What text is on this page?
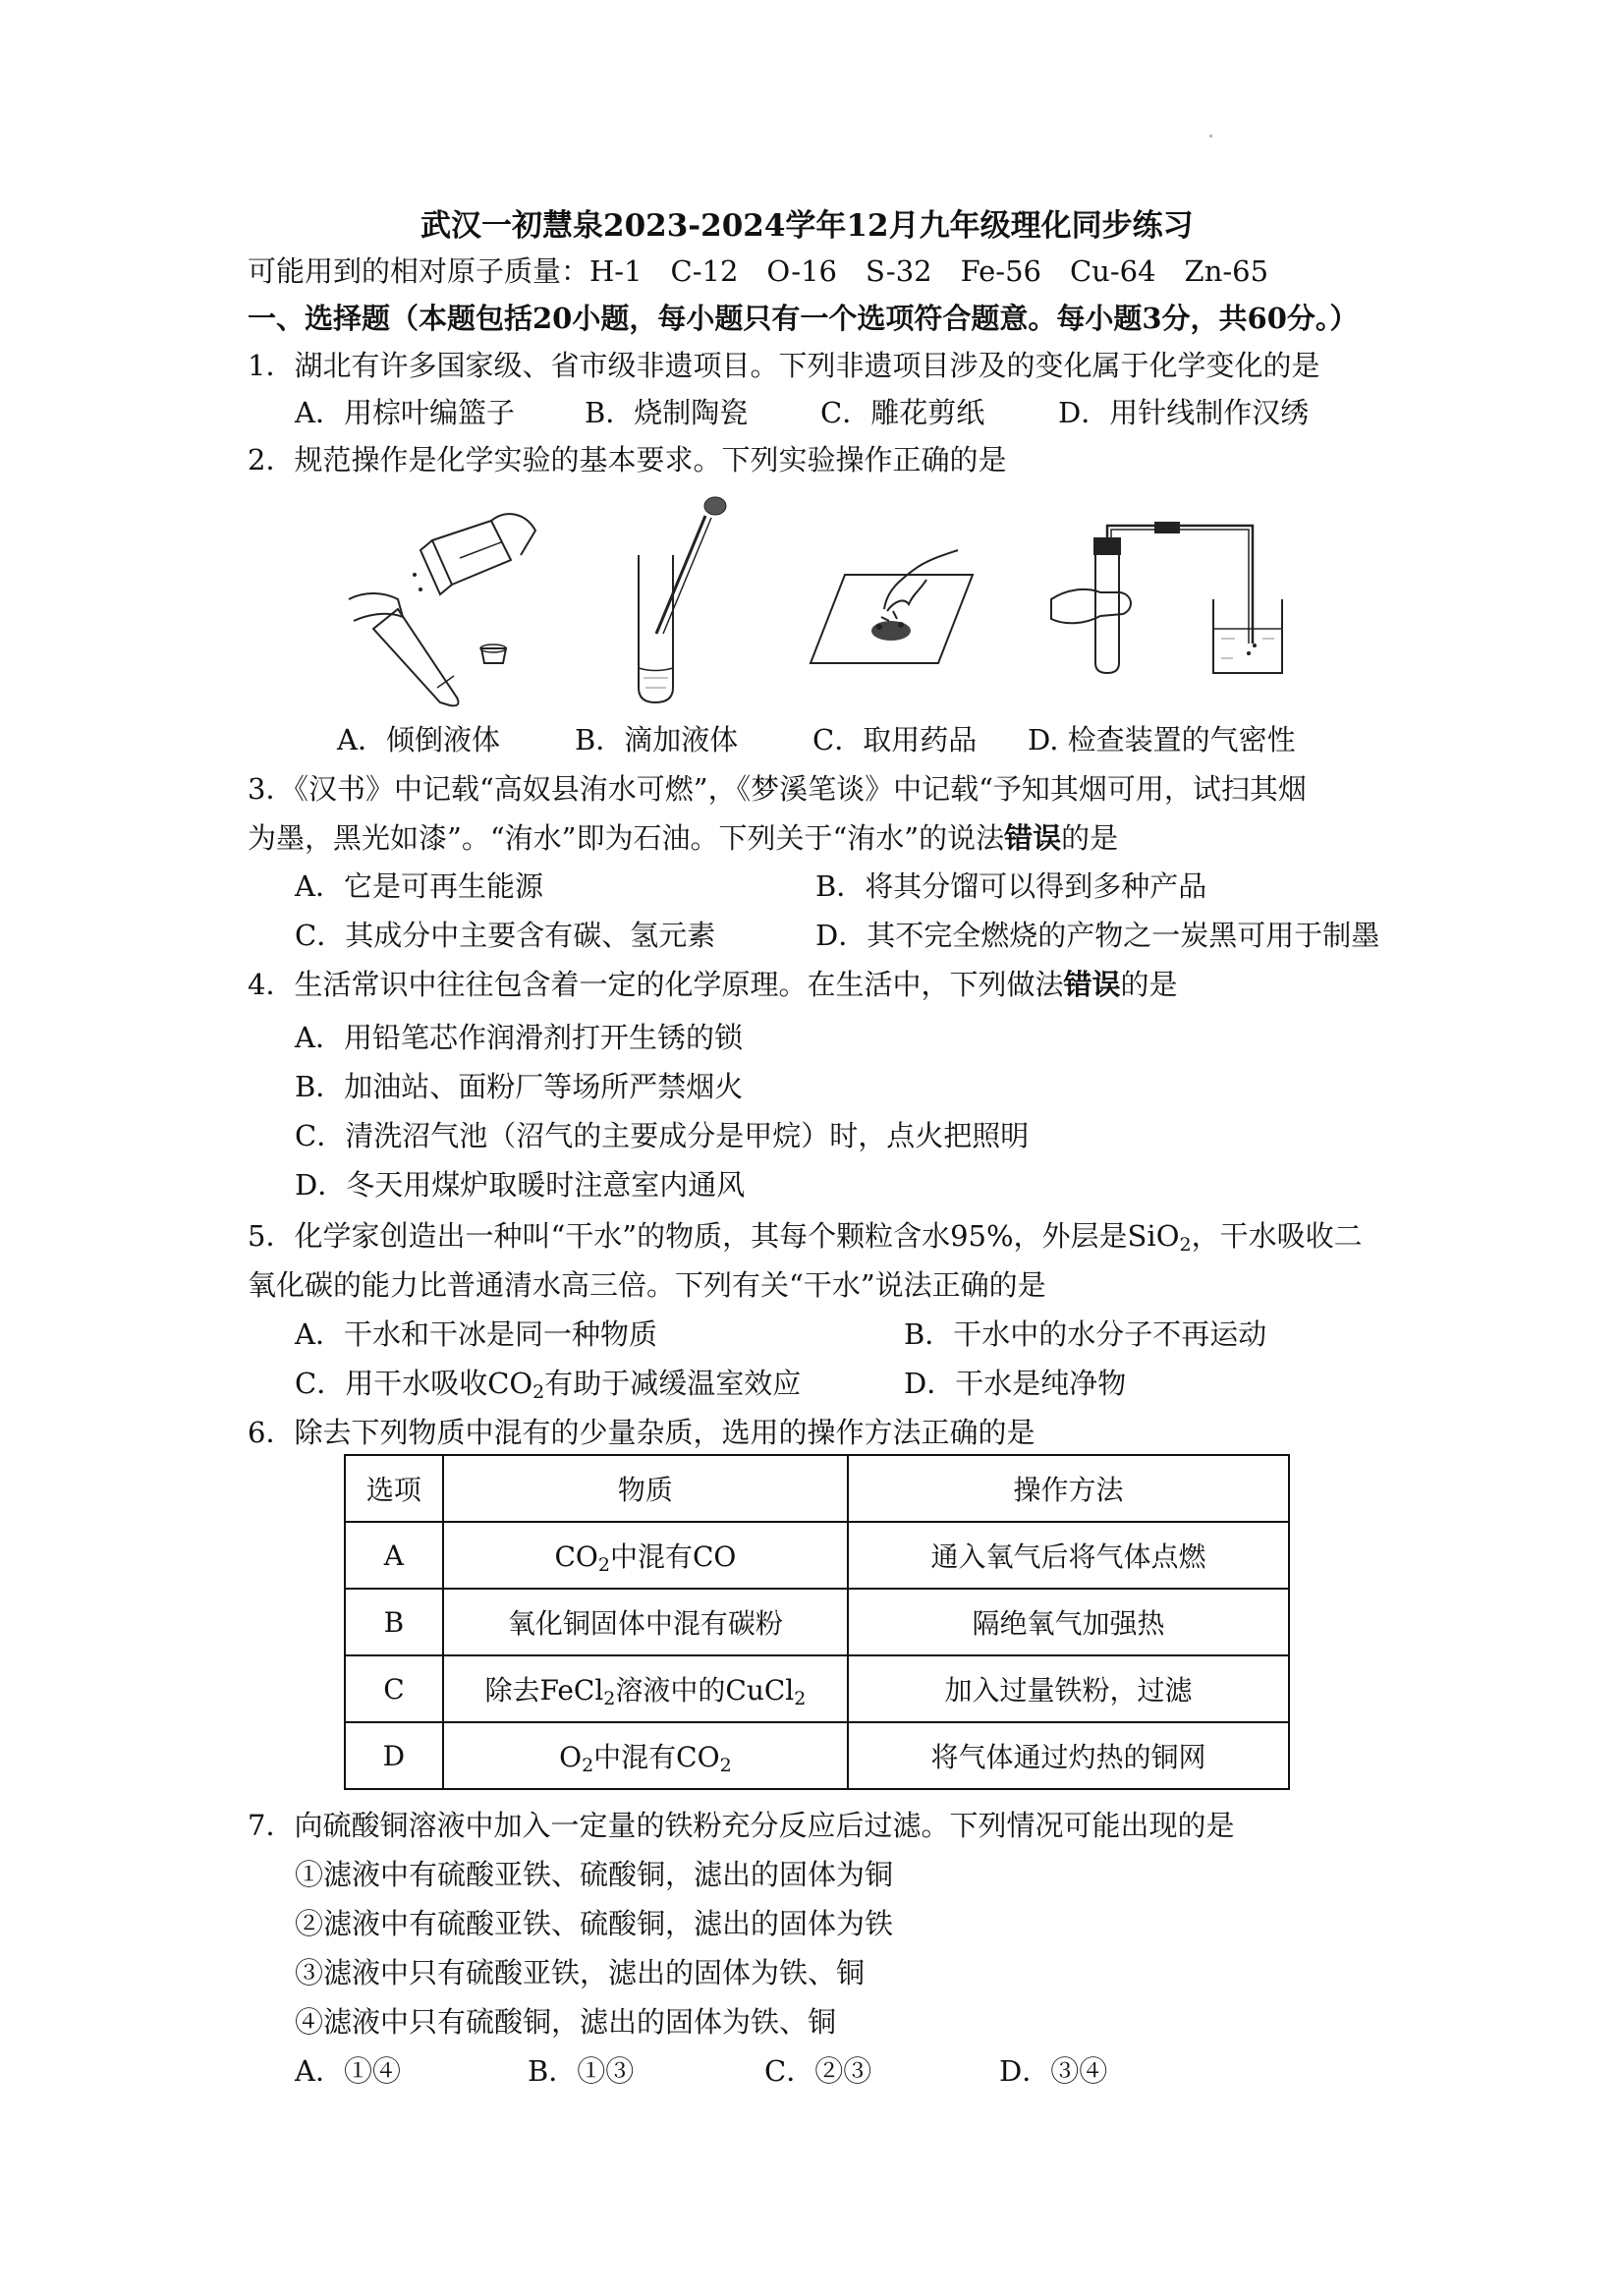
武汉一初慧泉2023-2024学年12月九年级理化同步练习
可能用到的相对原子质量：H-1　C-12　O-16　S-32　Fe-56　Cu-64　Zn-65
一、选择题（本题包括20小题，每小题只有一个选项符合题意。每小题3分，共60分。）
1．湖北有许多国家级、省市级非遗项目。下列非遗项目涉及的变化属于化学变化的是
A．用棕叶编篮子 B．烧制陶瓷	C．雕花剪纸	D．用针线制作汉绣
2．规范操作是化学实验的基本要求。下列实验操作正确的是
A．倾倒液体	B．滴加液体	C．取用药品 D. 检查装置的气密性
3．《汉书》中记载“高奴县洧水可燃”，《梦溪笔谈》中记载“予知其烟可用，试扫其烟
为墨，黑光如漆”。“洧水”即为石油。下列关于“洧水”的说法错误的是
A．它是可再生能源	B．将其分馏可以得到多种产品
C．其成分中主要含有碳、氢元素	D．其不完全燃烧的产物之一炭黑可用于制墨
4．生活常识中往往包含着一定的化学原理。在生活中，下列做法错误的是
A．用铅笔芯作润滑剂打开生锈的锁
B．加油站、面粉厂等场所严禁烟火
C．清洗沼气池（沼气的主要成分是甲烷）时，点火把照明
D．冬天用煤炉取暖时注意室内通风
5．化学家创造出一种叫“干水”的物质，其每个颗粒含水95%，外层是SiO$_2$，干水吸收二
氧化碳的能力比普通清水高三倍。下列有关“干水”说法正确的是
A．干水和干冰是同一种物质	B．干水中的水分子不再运动
C．用干水吸收$CO_2$有助于减缓温室效应	D．干水是纯净物
6．除去下列物质中混有的少量杂质，选用的操作方法正确的是
选项	物质	操作方法
A	$CO_2$中混有CO	通入氧气后将气体点燃
B	氧化铜固体中混有碳粉	隔绝氧气加强热
C	除去FeCl$_2$溶液中的CuCl$_2$	加入过量铁粉，过滤
D	$O_2$中混有$CO_2$	将气体通过灼热的铜网
7．向硫酸铜溶液中加入一定量的铁粉充分反应后过滤。下列情况可能出现的是
①滤液中有硫酸亚铁、硫酸铜，滤出的固体为铜
②滤液中有硫酸亚铁、硫酸铜，滤出的固体为铁
③滤液中只有硫酸亚铁，滤出的固体为铁、铜
④滤液中只有硫酸铜，滤出的固体为铁、铜
A．①④	B．①③	C．②③	D．③④
